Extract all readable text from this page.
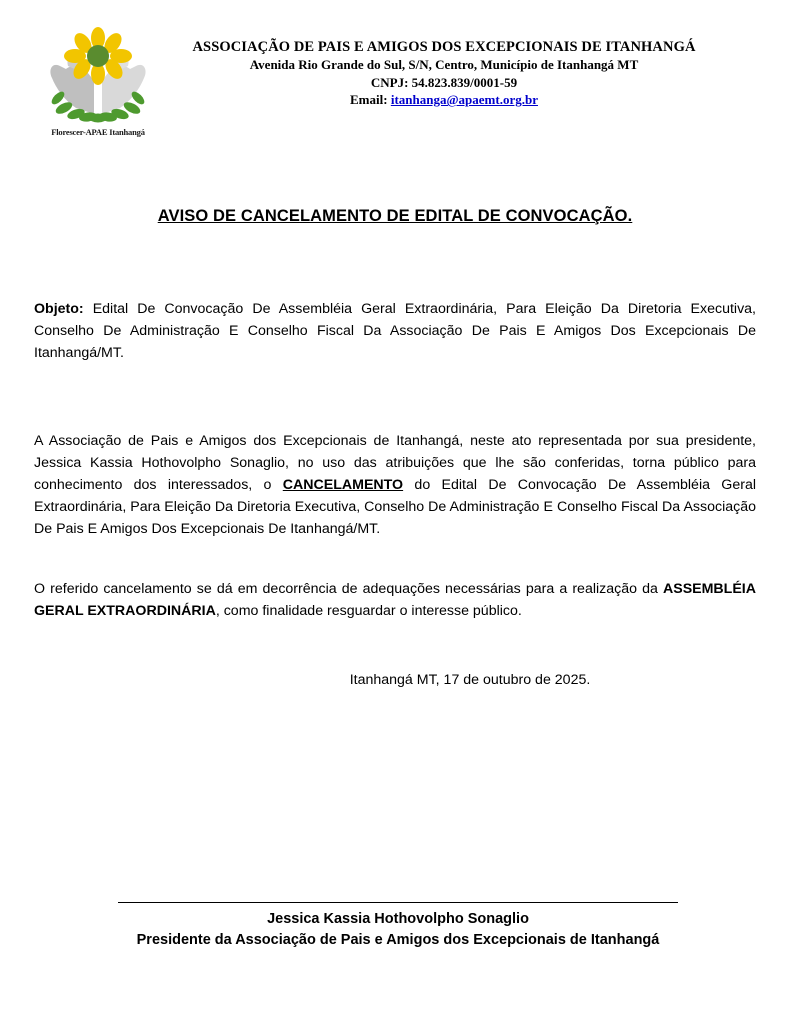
Florescer-APAE Itanhangá
ASSOCIAÇÃO DE PAIS E AMIGOS DOS EXCEPCIONAIS DE ITANHANGÁ
Avenida Rio Grande do Sul, S/N, Centro, Município de Itanhangá MT
CNPJ: 54.823.839/0001-59
Email: itanhanga@apaemt.org.br
AVISO DE CANCELAMENTO DE EDITAL DE CONVOCAÇÃO.

Objeto: Edital De Convocação De Assembléia Geral Extraordinária, Para Eleição Da Diretoria Executiva, Conselho De Administração E Conselho Fiscal Da Associação De Pais E Amigos Dos Excepcionais De Itanhangá/MT.

A Associação de Pais e Amigos dos Excepcionais de Itanhangá, neste ato representada por sua presidente, Jessica Kassia Hothovolpho Sonaglio, no uso das atribuições que lhe são conferidas, torna público para conhecimento dos interessados, o CANCELAMENTO do Edital De Convocação De Assembléia Geral Extraordinária, Para Eleição Da Diretoria Executiva, Conselho De Administração E Conselho Fiscal Da Associação De Pais E Amigos Dos Excepcionais De Itanhangá/MT.

O referido cancelamento se dá em decorrência de adequações necessárias para a realização da ASSEMBLÉIA GERAL EXTRAORDINÁRIA, como finalidade resguardar o interesse público.

Itanhangá MT, 17 de outubro de 2025.
Jessica Kassia Hothovolpho Sonaglio
Presidente da Associação de Pais e Amigos dos Excepcionais de Itanhangá
